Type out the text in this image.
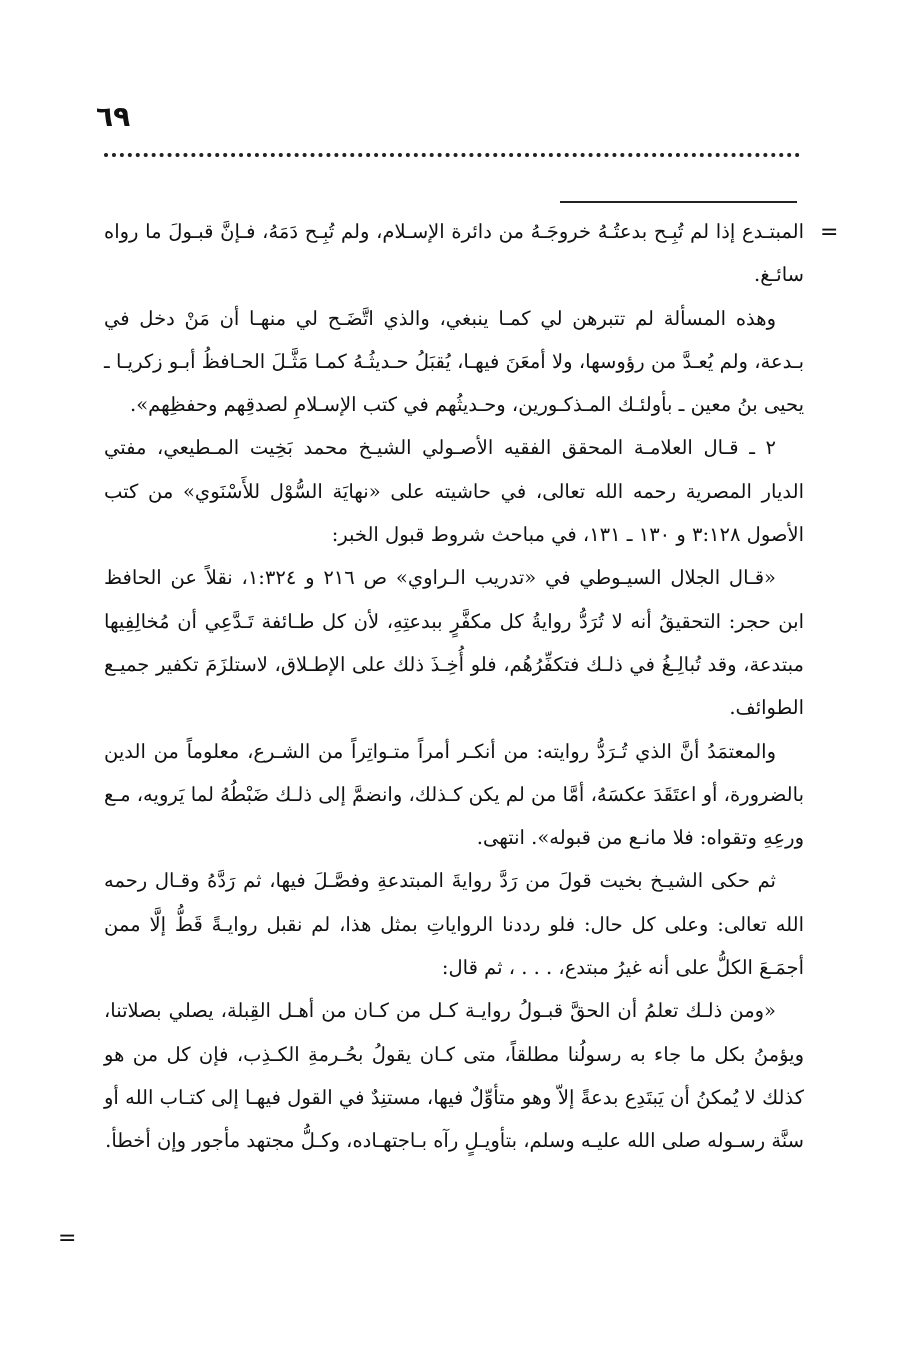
٦٩
=
=

المبتـدع إذا لم تُبِـح بدعتُـهُ خروجَـهُ من دائرة الإسـلام، ولم تُبِـح دَمَهُ، فـإنَّ قبـولَ ما رواه سائـغ.

وهذه المسألة لم تتبرهن لي كمـا ينبغي، والذي اتَّضَـح لي منهـا أن مَنْ دخل في بـدعة، ولم يُعـدَّ من رؤوسها، ولا أمعَنَ فيهـا، يُقبَلُ حـديثُـهُ كمـا مَثَّـلَ الحـافظُ أبـو زكريـا ـ يحيى بنُ معين ـ بأولئـك المـذكـورين، وحـديثُهم في كتب الإسـلامِ لصدقِهم وحفظِهم».

٢ ـ قـال العلامـة المحقق الفقيه الأصـولي الشيـخ محمد بَخِيت المـطيعي، مفتي الديار المصرية رحمه الله تعالى، في حاشيته على «نهايَة السُّوْل للأَسْنَوي» من كتب الأصول ٣:١٢٨ و ١٣٠ ـ ١٣١، في مباحث شروط قبول الخبر:

«قـال الجلال السيـوطي في «تدريب الـراوي» ص ٢١٦ و ١:٣٢٤، نقلاً عن الحافظ ابن حجر: التحقيقُ أنه لا تُرَدُّ روايةُ كل مكفَّرٍ ببدعتِهِ، لأن كل طـائفة تَـدَّعِي أن مُخالِفِيها مبتدعة، وقد تُبالِـغُ في ذلـك فتكفِّرُهُم، فلو أُخِـذَ ذلك على الإطـلاق، لاستلزَمَ تكفير جميـع الطوائف.

والمعتمَدُ أنَّ الذي تُـرَدُّ روايته: من أنكـر أمراً متـواتِراً من الشـرع، معلوماً من الدين بالضرورة، أو اعتَقَدَ عكسَهُ، أمَّا من لم يكن كـذلك، وانضمَّ إلى ذلـك ضَبْطُهُ لما يَرويه، مـع ورعِهِ وتقواه: فلا مانـع من قبوله». انتهى.

ثم حكى الشيـخ بخيت قولَ من رَدَّ روايةَ المبتدعةِ وفصَّـلَ فيها، ثم رَدَّهُ وقـال رحمه الله تعالى: وعلى كل حال: فلو رددنا الرواياتِ بمثل هذا، لم نقبل روايـةً قَطُّ إلَّا ممن أجمَـعَ الكلُّ على أنه غيرُ مبتدع، . . . ، ثم قال:

«ومن ذلـك تعلمُ أن الحقَّ قبـولُ روايـة كـل من كـان من أهـل القِبلة، يصلي بصلاتنا، ويؤمنُ بكل ما جاء به رسولُنا مطلقاً، متى كـان يقولُ بحُـرمةِ الكـذِب، فإن كل من هو كذلك لا يُمكنُ أن يَبتَدِع بدعةً إلاّ وهو متأوِّلٌ فيها، مستنِدٌ في القول فيهـا إلى كتـاب الله أو سنَّة رسـوله صلى الله عليـه وسلم، بتأويـلٍ رآه بـاجتهـاده، وكـلُّ مجتهد مأجور وإن أخطأ.
